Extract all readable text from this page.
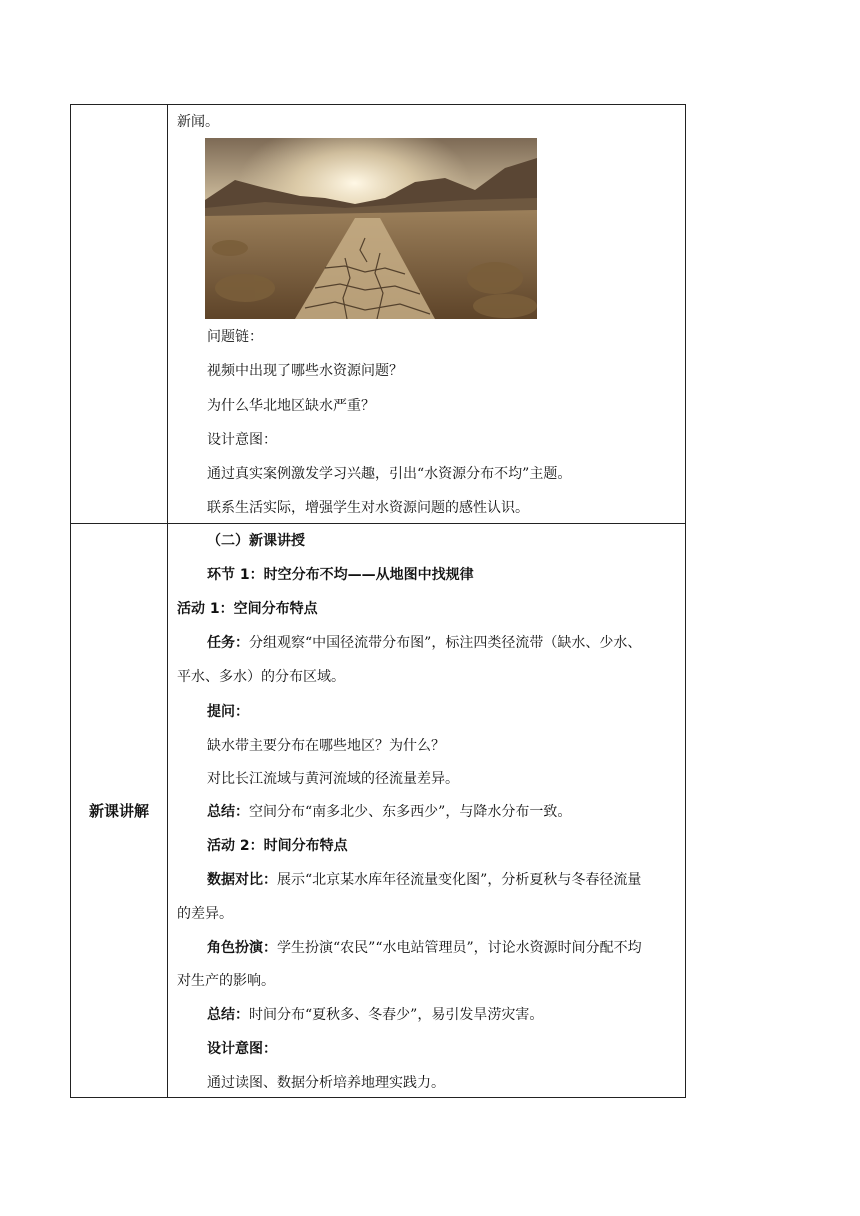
新课讲解
新闻。
问题链：
视频中出现了哪些水资源问题？
为什么华北地区缺水严重？
设计意图：
通过真实案例激发学习兴趣，引出“水资源分布不均”主题。
联系生活实际，增强学生对水资源问题的感性认识。
（二）新课讲授
环节 1：时空分布不均——从地图中找规律
活动 1：空间分布特点
任务：分组观察“中国径流带分布图”，标注四类径流带（缺水、少水、
平水、多水）的分布区域。
提问：
缺水带主要分布在哪些地区？为什么？
对比长江流域与黄河流域的径流量差异。
总结：空间分布“南多北少、东多西少”，与降水分布一致。
活动 2：时间分布特点
数据对比：展示“北京某水库年径流量变化图”，分析夏秋与冬春径流量
的差异。
角色扮演：学生扮演“农民”“水电站管理员”，讨论水资源时间分配不均
对生产的影响。
总结：时间分布“夏秋多、冬春少”，易引发旱涝灾害。
设计意图：
通过读图、数据分析培养地理实践力。
